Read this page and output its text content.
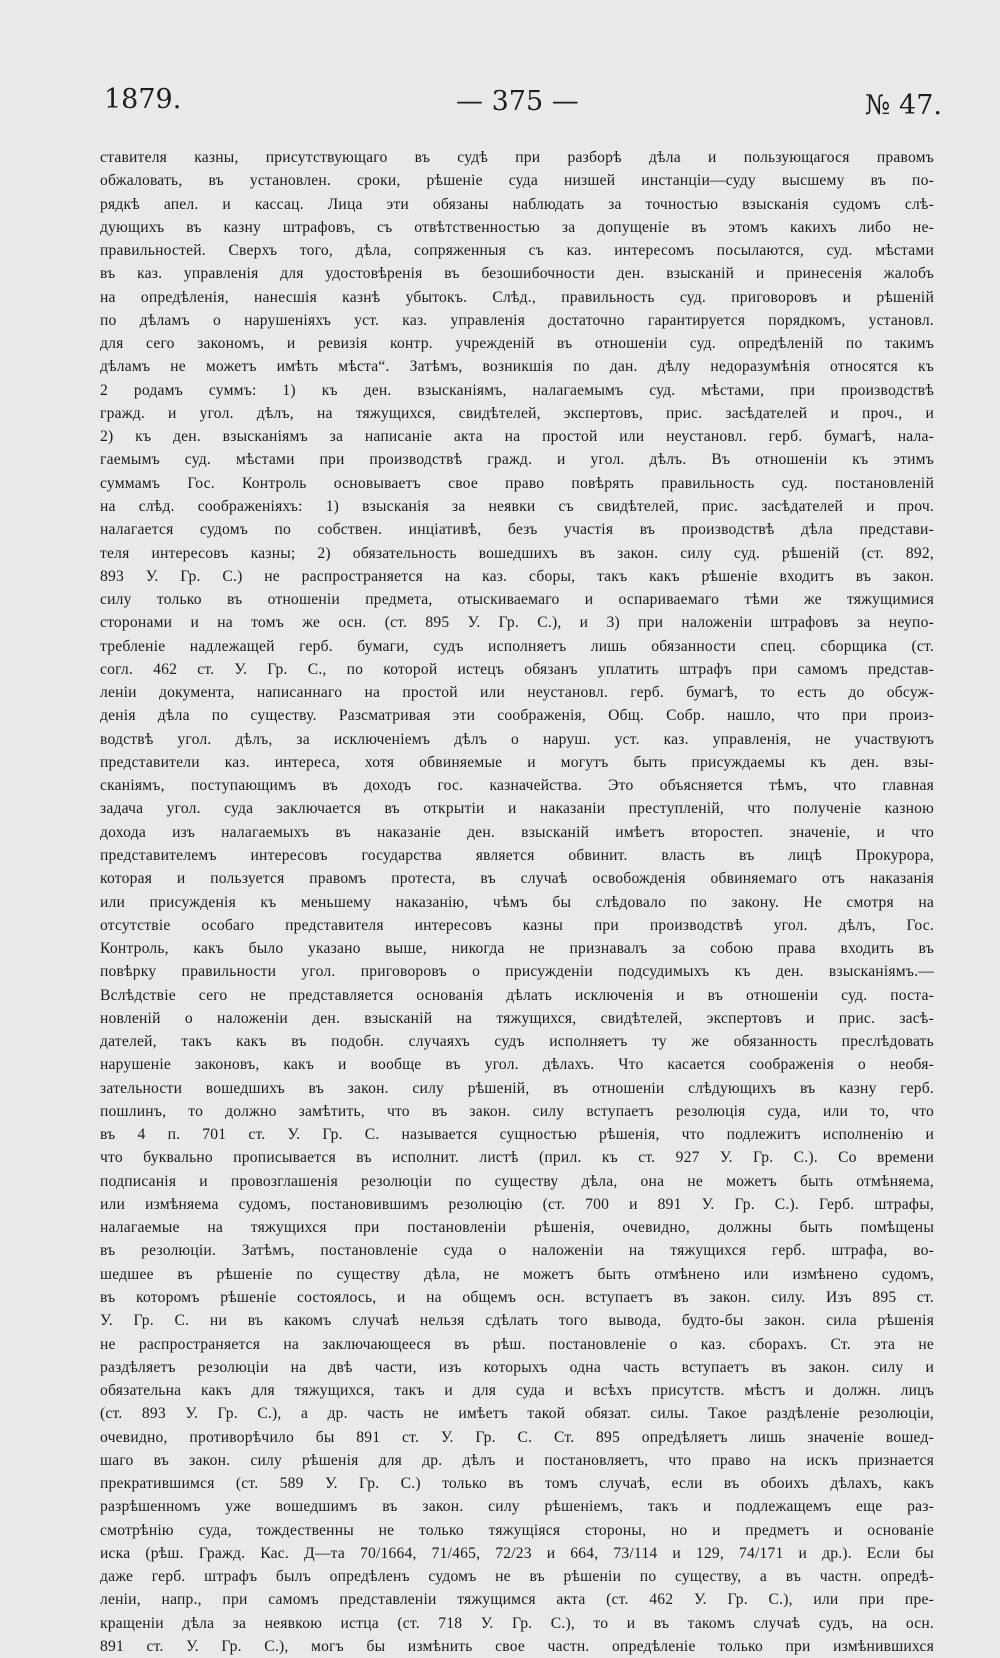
1879.	— 375 —	№ 47.
ставителя казны, присутствующаго въ судѣ при разборѣ дѣла и пользующагося правомъ
обжаловать, въ установлен. сроки, рѣшеніе суда низшей инстанціи—суду высшему въ по-
рядкѣ апел. и кассац. Лица эти обязаны наблюдать за точностью взысканія судомъ слѣ-
дующихъ въ казну штрафовъ, съ отвѣтственностью за допущеніе въ этомъ какихъ либо не-
правильностей. Сверхъ того, дѣла, сопряженныя съ каз. интересомъ посылаются, суд. мѣстами
въ каз. управленія для удостовѣренія въ безошибочности ден. взысканій и принесенія жалобъ
на опредѣленія, нанесшія казнѣ убытокъ. Слѣд., правильность суд. приговоровъ и рѣшеній
по дѣламъ о нарушеніяхъ уст. каз. управленія достаточно гарантируется порядкомъ, установл.
для сего закономъ, и ревизія контр. учрежденій въ отношеніи суд. опредѣленій по такимъ
дѣламъ не можетъ имѣть мѣста“. Затѣмъ, возникшія по дан. дѣлу недоразумѣнія относятся къ
2 родамъ суммъ: 1) къ ден. взысканіямъ, налагаемымъ суд. мѣстами, при производствѣ
гражд. и угол. дѣлъ, на тяжущихся, свидѣтелей, экспертовъ, прис. засѣдателей и проч., и
2) къ ден. взысканіямъ за написаніе акта на простой или неустановл. герб. бумагѣ, нала-
гаемымъ суд. мѣстами при производствѣ гражд. и угол. дѣлъ. Въ отношеніи къ этимъ
суммамъ Гос. Контроль основываетъ свое право повѣрять правильность суд. постановленій
на слѣд. соображеніяхъ: 1) взысканія за неявки съ свидѣтелей, прис. засѣдателей и проч.
налагается судомъ по собствен. инціативѣ, безъ участія въ производствѣ дѣла представи-
теля интересовъ казны; 2) обязательность вошедшихъ въ закон. силу суд. рѣшеній (ст. 892,
893 У. Гр. С.) не распространяется на каз. сборы, такъ какъ рѣшеніе входитъ въ закон.
силу только въ отношеніи предмета, отыскиваемаго и оспариваемаго тѣми же тяжущимися
сторонами и на томъ же осн. (ст. 895 У. Гр. С.), и 3) при наложеніи штрафовъ за неупо-
требленіе надлежащей герб. бумаги, судъ исполняетъ лишь обязанности спец. сборщика (ст.
согл. 462 ст. У. Гр. С., по которой истецъ обязанъ уплатить штрафъ при самомъ представ-
леніи документа, написаннаго на простой или неустановл. герб. бумагѣ, то есть до обсуж-
денія дѣла по существу. Разсматривая эти соображенія, Общ. Собр. нашло, что при произ-
водствѣ угол. дѣлъ, за исключеніемъ дѣлъ о наруш. уст. каз. управленія, не участвуютъ
представители каз. интереса, хотя обвиняемые и могутъ быть присуждаемы къ ден. взы-
сканіямъ, поступающимъ въ доходъ гос. казначейства. Это объясняется тѣмъ, что главная
задача угол. суда заключается въ открытіи и наказаніи преступленій, что полученіе казною
дохода изъ налагаемыхъ въ наказаніе ден. взысканій имѣетъ второстеп. значеніе, и что
представителемъ интересовъ государства является обвинит. власть въ лицѣ Прокурора,
которая и пользуется правомъ протеста, въ случаѣ освобожденія обвиняемаго отъ наказанія
или присужденія къ меньшему наказанію, чѣмъ бы слѣдовало по закону. Не смотря на
отсутствіе особаго представителя интересовъ казны при производствѣ угол. дѣлъ, Гос.
Контроль, какъ было указано выше, никогда не признавалъ за собою права входить въ
повѣрку правильности угол. приговоровъ о присужденіи подсудимыхъ къ ден. взысканіямъ.—
Вслѣдствіе сего не представляется основанія дѣлать исключенія и въ отношеніи суд. поста-
новленій о наложеніи ден. взысканій на тяжущихся, свидѣтелей, экспертовъ и прис. засѣ-
дателей, такъ какъ въ подобн. случаяхъ судъ исполняетъ ту же обязанность преслѣдовать
нарушеніе законовъ, какъ и вообще въ угол. дѣлахъ. Что касается соображенія о необя-
зательности вошедшихъ въ закон. силу рѣшеній, въ отношеніи слѣдующихъ въ казну герб.
пошлинъ, то должно замѣтить, что въ закон. силу вступаетъ резолюція суда, или то, что
въ 4 п. 701 ст. У. Гр. С. называется сущностью рѣшенія, что подлежитъ исполненію и
что буквально прописывается въ исполнит. листѣ (прил. къ ст. 927 У. Гр. С.). Со времени
подписанія и провозглашенія резолюціи по существу дѣла, она не можетъ быть отмѣняема,
или измѣняема судомъ, постановившимъ резолюцію (ст. 700 и 891 У. Гр. С.). Герб. штрафы,
налагаемые на тяжущихся при постановленіи рѣшенія, очевидно, должны быть помѣщены
въ резолюціи. Затѣмъ, постановленіе суда о наложеніи на тяжущихся герб. штрафа, во-
шедшее въ рѣшеніе по существу дѣла, не можетъ быть отмѣнено или измѣнено судомъ,
въ которомъ рѣшеніе состоялось, и на общемъ осн. вступаетъ въ закон. силу. Изъ 895 ст.
У. Гр. С. ни въ какомъ случаѣ нельзя сдѣлать того вывода, будто-бы закон. сила рѣшенія
не распространяется на заключающееся въ рѣш. постановленіе о каз. сборахъ. Ст. эта не
раздѣляетъ резолюціи на двѣ части, изъ которыхъ одна часть вступаетъ въ закон. силу и
обязательна какъ для тяжущихся, такъ и для суда и всѣхъ присутств. мѣстъ и должн. лицъ
(ст. 893 У. Гр. С.), а др. часть не имѣетъ такой обязат. силы. Такое раздѣленіе резолюціи,
очевидно, противорѣчило бы 891 ст. У. Гр. С. Ст. 895 опредѣляетъ лишь значеніе вошед-
шаго въ закон. силу рѣшенія для др. дѣлъ и постановляетъ, что право на искъ признается
прекратившимся (ст. 589 У. Гр. С.) только въ томъ случаѣ, если въ обоихъ дѣлахъ, какъ
разрѣшенномъ уже вошедшимъ въ закон. силу рѣшеніемъ, такъ и подлежащемъ еще раз-
смотрѣнію суда, тождественны не только тяжущіяся стороны, но и предметъ и основаніе
иска (рѣш. Гражд. Кас. Д—та 70/1664, 71/465, 72/23 и 664, 73/114 и 129, 74/171 и др.). Если бы
даже герб. штрафъ былъ опредѣленъ судомъ не въ рѣшеніи по существу, а въ частн. опредѣ-
леніи, напр., при самомъ представленіи тяжущимся акта (ст. 462 У. Гр. С.), или при пре-
кращеніи дѣла за неявкою истца (ст. 718 У. Гр. С.), то и въ такомъ случаѣ судъ, на осн.
891 ст. У. Гр. С.), могъ бы измѣнить свое частн. опредѣленіе только при измѣнившихся
